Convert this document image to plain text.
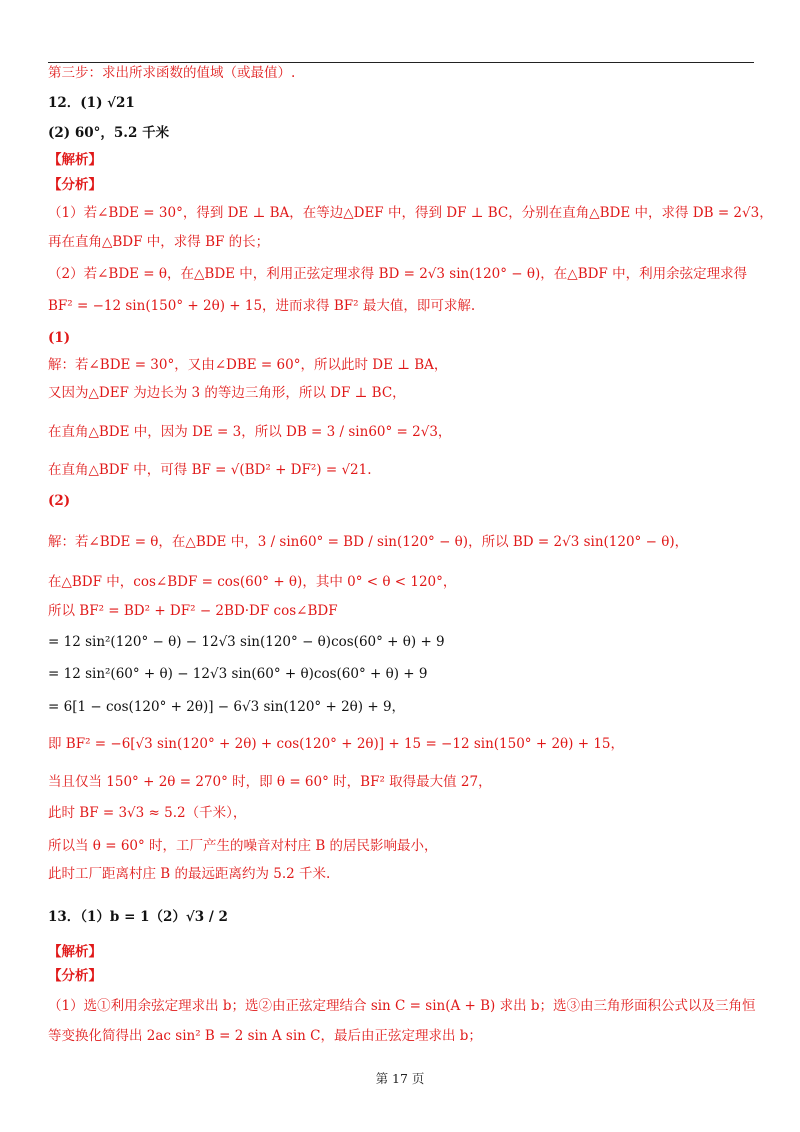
第三步：求出所求函数的值域（或最值）.
12．(1) √21
(2) 60°，5.2 千米
【解析】
【分析】
（1）若∠BDE = 30°，得到 DE ⊥ BA，在等边△DEF 中，得到 DF ⊥ BC，分别在直角△BDE 中，求得 DB = 2√3，
再在直角△BDF 中，求得 BF 的长；
（2）若∠BDE = θ，在△BDE 中，利用正弦定理求得 BD = 2√3 sin(120° − θ)，在△BDF 中，利用余弦定理求得
BF² = −12 sin(150° + 2θ) + 15，进而求得 BF² 最大值，即可求解.
(1)
解：若∠BDE = 30°，又由∠DBE = 60°，所以此时 DE ⊥ BA，
又因为△DEF 为边长为 3 的等边三角形，所以 DF ⊥ BC，
在直角△BDE 中，因为 DE = 3，所以 DB = 3 / sin60° = 2√3，
在直角△BDF 中，可得 BF = √(BD² + DF²) = √21.
(2)
解：若∠BDE = θ，在△BDE 中，3 / sin60° = BD / sin(120° − θ)，所以 BD = 2√3 sin(120° − θ)，
在△BDF 中，cos∠BDF = cos(60° + θ)，其中 0° < θ < 120°，
所以 BF² = BD² + DF² − 2BD·DF cos∠BDF
= 12 sin²(120° − θ) − 12√3 sin(120° − θ)cos(60° + θ) + 9
= 12 sin²(60° + θ) − 12√3 sin(60° + θ)cos(60° + θ) + 9
= 6[1 − cos(120° + 2θ)] − 6√3 sin(120° + 2θ) + 9，
即 BF² = −6[√3 sin(120° + 2θ) + cos(120° + 2θ)] + 15 = −12 sin(150° + 2θ) + 15，
当且仅当 150° + 2θ = 270° 时，即 θ = 60° 时，BF² 取得最大值 27，
此时 BF = 3√3 ≈ 5.2（千米），
所以当 θ = 60° 时，工厂产生的噪音对村庄 B 的居民影响最小，
此时工厂距离村庄 B 的最远距离约为 5.2 千米.
13．（1）b = 1（2）√3 / 2
【解析】
【分析】
（1）选①利用余弦定理求出 b；选②由正弦定理结合 sin C = sin(A + B) 求出 b；选③由三角形面积公式以及三角恒
等变换化简得出 2ac sin² B = 2 sin A sin C，最后由正弦定理求出 b；
第 17 页
